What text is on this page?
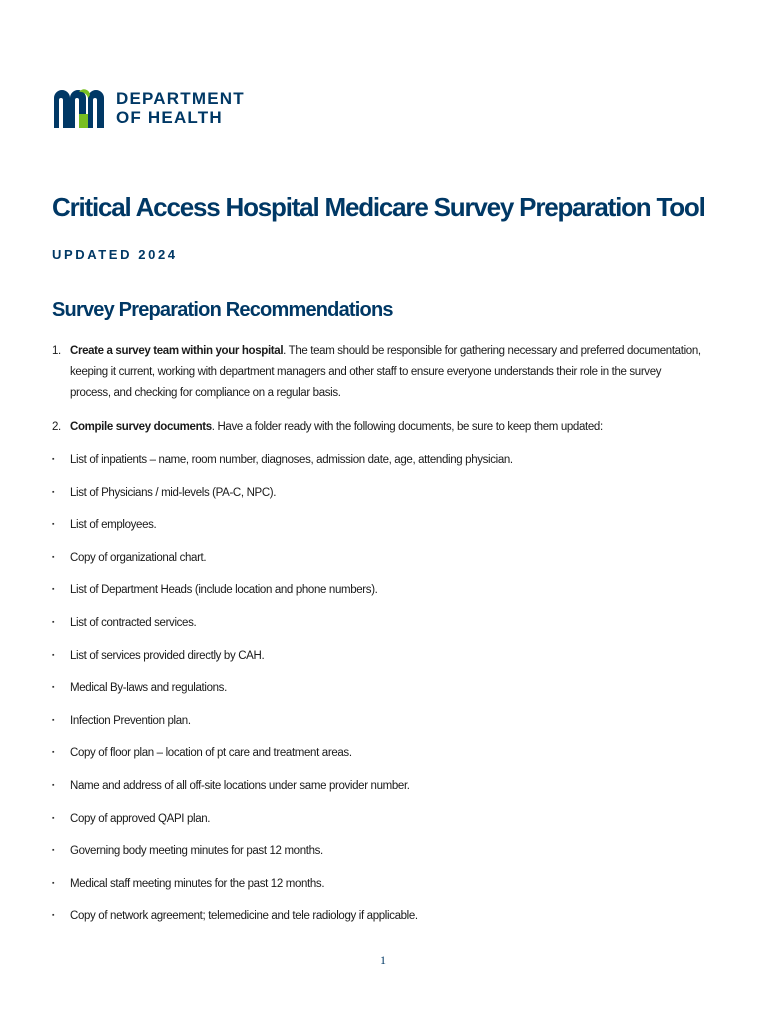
DEPARTMENT
OF HEALTH
Critical Access Hospital Medicare Survey Preparation Tool

UPDATED 2024

Survey Preparation Recommendations
1. Create a survey team within your hospital. The team should be responsible for gathering necessary and preferred documentation, keeping it current, working with department managers and other staff to ensure everyone understands their role in the survey process, and checking for compliance on a regular basis.
2. Compile survey documents. Have a folder ready with the following documents, be sure to keep them updated:
▪	List of inpatients – name, room number, diagnoses, admission date, age, attending physician.
▪	List of Physicians / mid-levels (PA-C, NPC).
▪	List of employees.
▪	Copy of organizational chart.
▪	List of Department Heads (include location and phone numbers).
▪	List of contracted services.
▪	List of services provided directly by CAH.
▪	Medical By-laws and regulations.
▪	Infection Prevention plan.
▪	Copy of floor plan – location of pt care and treatment areas.
▪	Name and address of all off-site locations under same provider number.
▪	Copy of approved QAPI plan.
▪	Governing body meeting minutes for past 12 months.
▪	Medical staff meeting minutes for the past 12 months.
▪	Copy of network agreement; telemedicine and tele radiology if applicable.
1
